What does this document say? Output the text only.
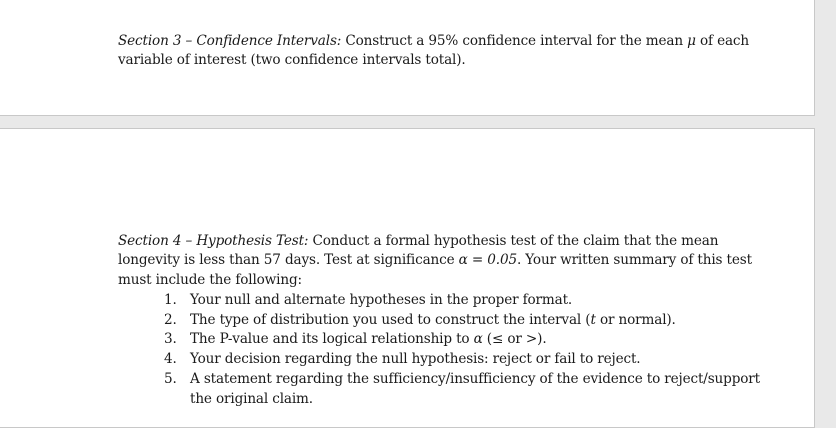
Section 3 – Confidence Intervals: Construct a 95% confidence interval for the mean μ of each variable of interest (two confidence intervals total).

Section 4 – Hypothesis Test: Conduct a formal hypothesis test of the claim that the mean longevity is less than 57 days. Test at significance α = 0.05. Your written summary of this test must include the following:

1. Your null and alternate hypotheses in the proper format.
2. The type of distribution you used to construct the interval (t or normal).
3. The P-value and its logical relationship to α (≤ or >).
4. Your decision regarding the null hypothesis: reject or fail to reject.
5. A statement regarding the sufficiency/insufficiency of the evidence to reject/support the original claim.
